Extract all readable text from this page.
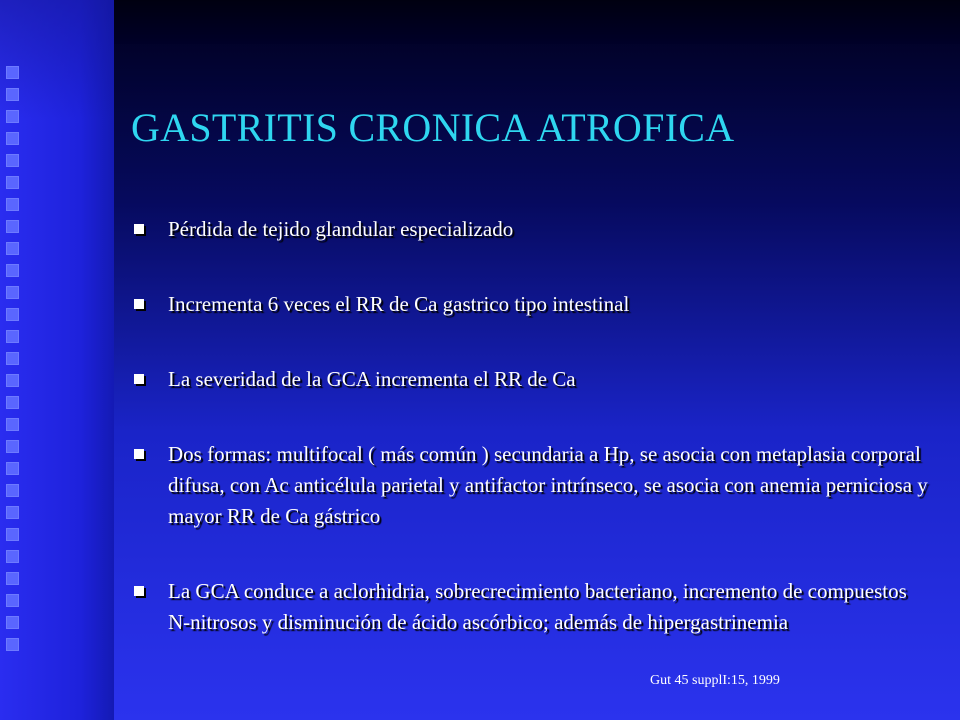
GASTRITIS CRONICA ATROFICA
Pérdida de tejido glandular especializado
Incrementa 6 veces el RR de Ca gastrico tipo intestinal
La severidad de la GCA incrementa el RR de Ca
Dos formas: multifocal ( más común ) secundaria a Hp, se asocia con metaplasia corporal difusa, con Ac anticélula parietal y antifactor intrínseco, se asocia con anemia perniciosa y mayor RR de Ca gástrico
La GCA conduce a aclorhidria, sobrecrecimiento bacteriano, incremento de compuestos N-nitrosos y disminución de ácido ascórbico; además de hipergastrinemia
Gut 45 supplI:15, 1999
